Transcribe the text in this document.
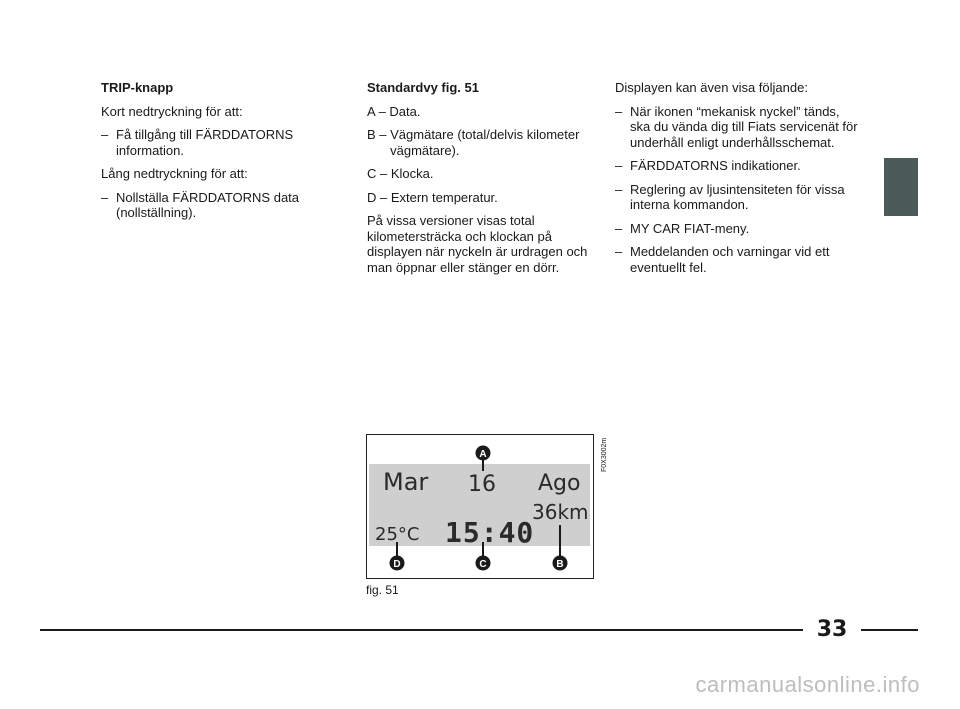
TRIP-knapp

Kort nedtryckning för att:

– Få tillgång till FÄRDDATORNS information.

Lång nedtryckning för att:

– Nollställa FÄRDDATORNS data (nollställning).

Standardvy fig. 51

A – Data.
B – Vägmätare (total/delvis kilometer vägmätare).
C – Klocka.
D – Extern temperatur.

På vissa versioner visas total kilometersträcka och klockan på displayen när nyckeln är urdragen och man öppnar eller stänger en dörr.

Displayen kan även visa följande:

– När ikonen “mekanisk nyckel” tänds, ska du vända dig till Fiats servicenät för underhåll enligt underhållsschemat.
– FÄRDDATORNS indikationer.
– Reglering av ljusintensiteten för vissa interna kommandon.
– MY CAR FIAT-meny.
– Meddelanden och varningar vid ett eventuellt fel.
Mar 16 Ago
36km
25°C 15:40
A
D	C	B
F0X3002m
fig. 51
33
carmanualsonline.info
